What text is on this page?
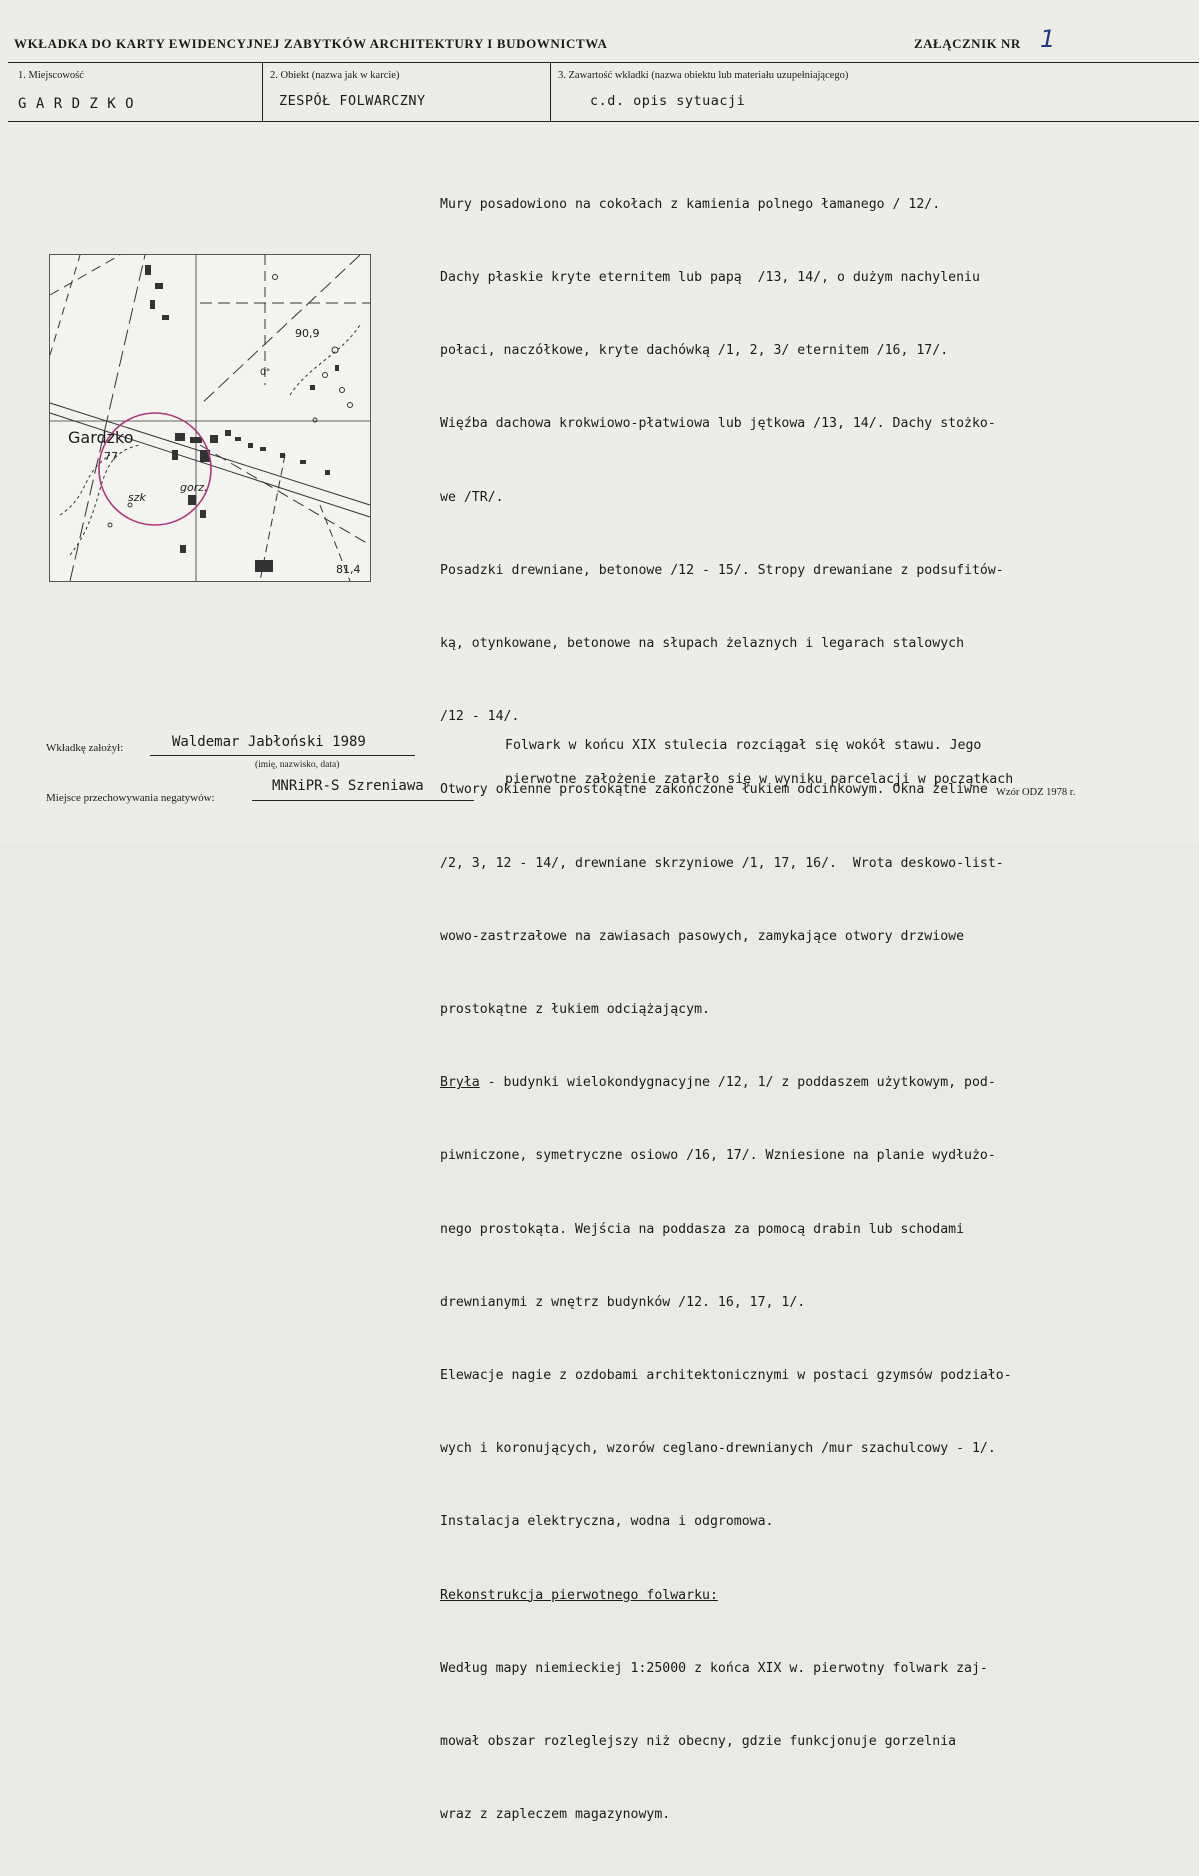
WKŁADKA DO KARTY EWIDENCYJNEJ ZABYTKÓW ARCHITEKTURY I BUDOWNICTWA	ZAŁĄCZNIK NR 1
1. Miejscowość
G A R D Z K O
2. Obiekt (nazwa jak w karcie)
ZESPÓŁ FOLWARCZNY
3. Zawartość wkładki (nazwa obiektu lub materiału uzupełniającego)
c.d. opis sytuacji
Gardzko
77
90,9
81,4
szk
gorz.
0°

Mury posadowiono na cokołach z kamienia polnego łamanego / 12/.

Dachy płaskie kryte eternitem lub papą  /13, 14/, o dużym nachyleniu

połaci, naczółkowe, kryte dachówką /1, 2, 3/ eternitem /16, 17/.

Więźba dachowa krokwiowo-płatwiowa lub jętkowa /13, 14/. Dachy stożko-

we /TR/.

Posadzki drewniane, betonowe /12 - 15/. Stropy drewaniane z podsufitów-

ką, otynkowane, betonowe na słupach żelaznych i legarach stalowych

/12 - 14/.

Otwory okienne prostokątne zakończone łukiem odcinkowym. Okna żeliwne

/2, 3, 12 - 14/, drewniane skrzyniowe /1, 17, 16/.  Wrota deskowo-list-

wowo-zastrzałowe na zawiasach pasowych, zamykające otwory drzwiowe

prostokątne z łukiem odciążającym.

Bryła - budynki wielokondygnacyjne /12, 1/ z poddaszem użytkowym, pod-

piwniczone, symetryczne osiowo /16, 17/. Wzniesione na planie wydłużo-

nego prostokąta. Wejścia na poddasza za pomocą drabin lub schodami

drewnianymi z wnętrz budynków /12. 16, 17, 1/.

Elewacje nagie z ozdobami architektonicznymi w postaci gzymsów podziało-

wych i koronujących, wzorów ceglano-drewnianych /mur szachulcowy - 1/.

Instalacja elektryczna, wodna i odgromowa.

Rekonstrukcja pierwotnego folwarku:

Według mapy niemieckiej 1:25000 z końca XIX w. pierwotny folwark zaj-

mował obszar rozleglejszy niż obecny, gdzie funkcjonuje gorzelnia

wraz z zapleczem magazynowym.

Folwark w końcu XIX stulecia rozciągał się wokół stawu. Jego
pierwotne założenie zatarło się w wyniku parcelacji w początkach
Wkładkę założył:	Waldemar Jabłoński 1989
(imię, nazwisko, data)
Miejsce przechowywania negatywów:
MNRiPR-S Szreniawa	Wzór ODZ 1978 r.
